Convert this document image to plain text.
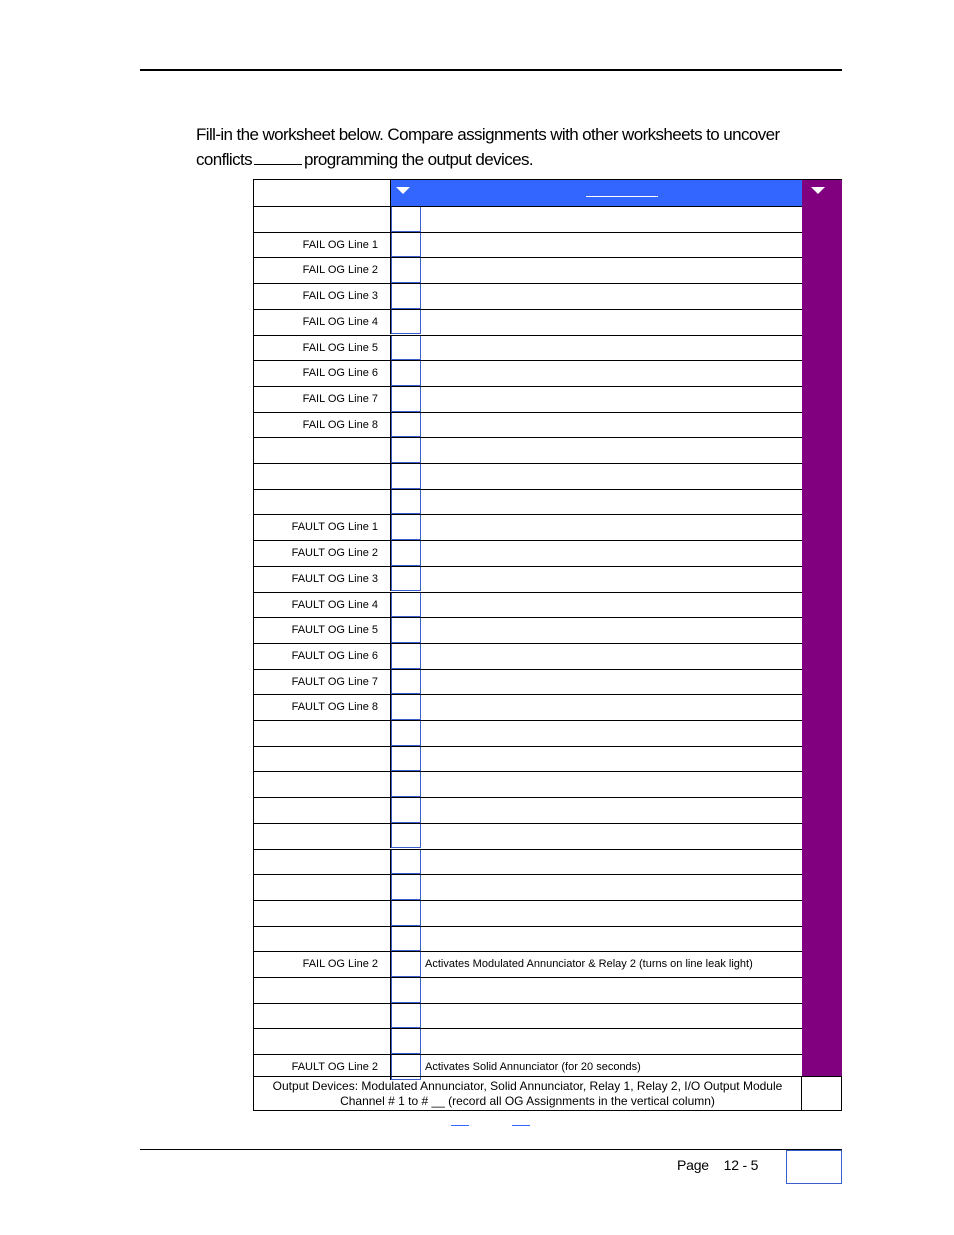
Fill-in the worksheet below. Compare assignments with other worksheets to uncover
conflicts	programming the output devices.
FAIL OG Line 1
FAIL OG Line 2
FAIL OG Line 3
FAIL OG Line 4
FAIL OG Line 5
FAIL OG Line 6
FAIL OG Line 7
FAIL OG Line 8
FAULT OG Line 1
FAULT OG Line 2
FAULT OG Line 3
FAULT OG Line 4
FAULT OG Line 5
FAULT OG Line 6
FAULT OG Line 7
FAULT OG Line 8
FAIL OG Line 2	Activates Modulated Annunciator & Relay 2 (turns on line leak light)
FAULT OG Line 2	Activates Solid Annunciator (for 20 seconds)
Output Devices: Modulated Annunciator, Solid Annunciator, Relay 1, Relay 2, I/O Output Module
Channel # 1 to # __ (record all OG Assignments in the vertical column)
Page 12 - 5
